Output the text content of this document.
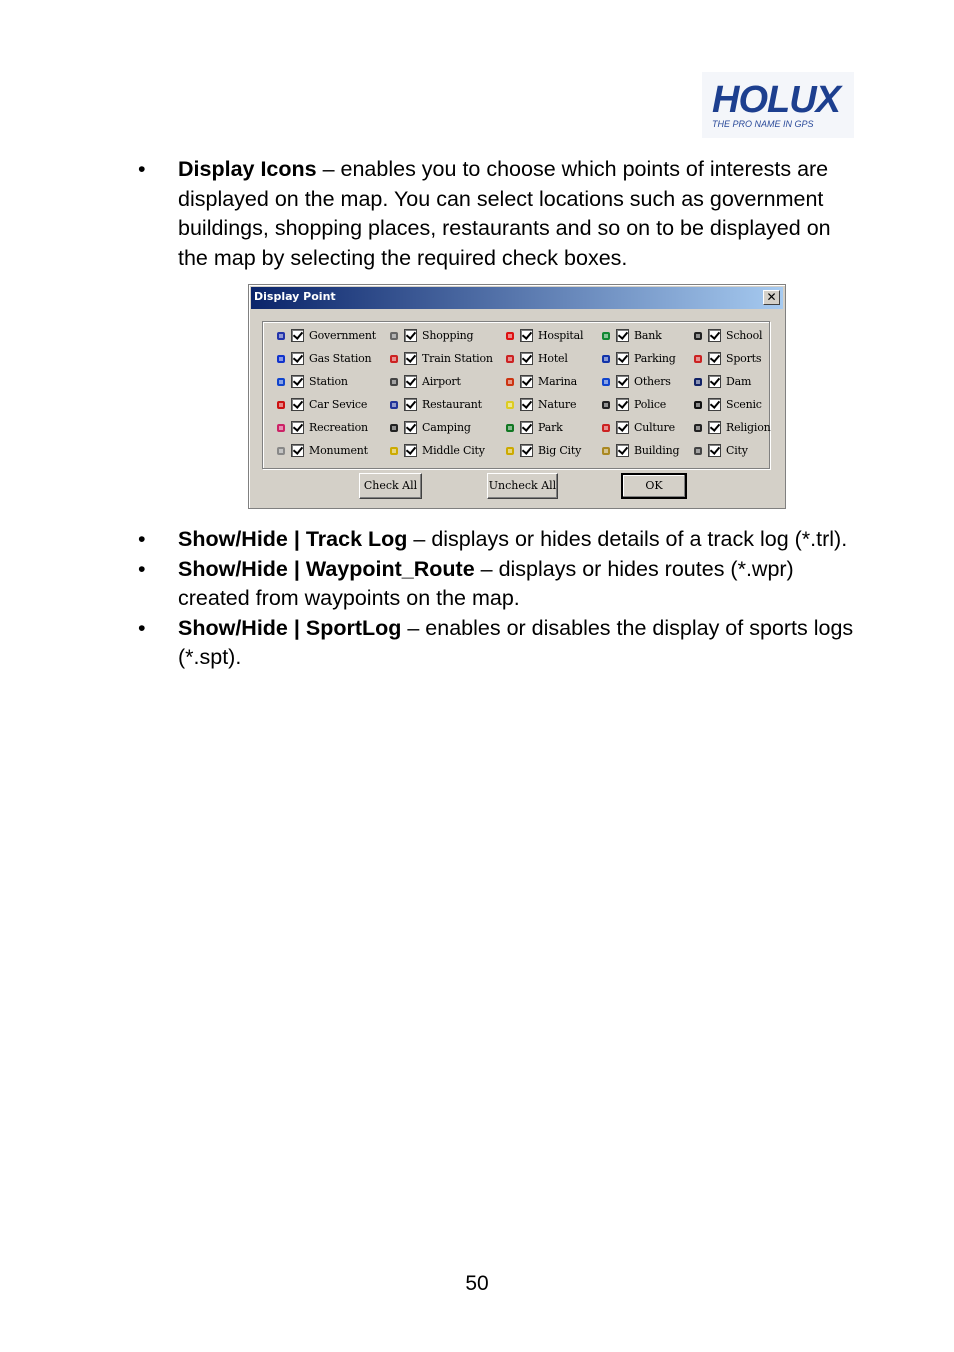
HOLUX
THE PRO NAME IN GPS
• Display Icons – enables you to choose which points of interests are displayed on the map. You can select locations such as government buildings, shopping places, restaurants and so on to be displayed on the map by selecting the required check boxes.
Display Point	✕
Government	Shopping	Hospital	Bank	School
Gas Station	Train Station	Hotel	Parking	Sports
Station	Airport	Marina	Others	Dam
Car Sevice	Restaurant	Nature	Police	Scenic
Recreation	Camping	Park	Culture	Religion
Monument	Middle City	Big City	Building	City
Check All	Uncheck All	OK
• Show/Hide | Track Log – displays or hides details of a track log (*.trl).
• Show/Hide | Waypoint_Route – displays or hides routes (*.wpr) created from waypoints on the map.
• Show/Hide | SportLog – enables or disables the display of sports logs (*.spt).
50
